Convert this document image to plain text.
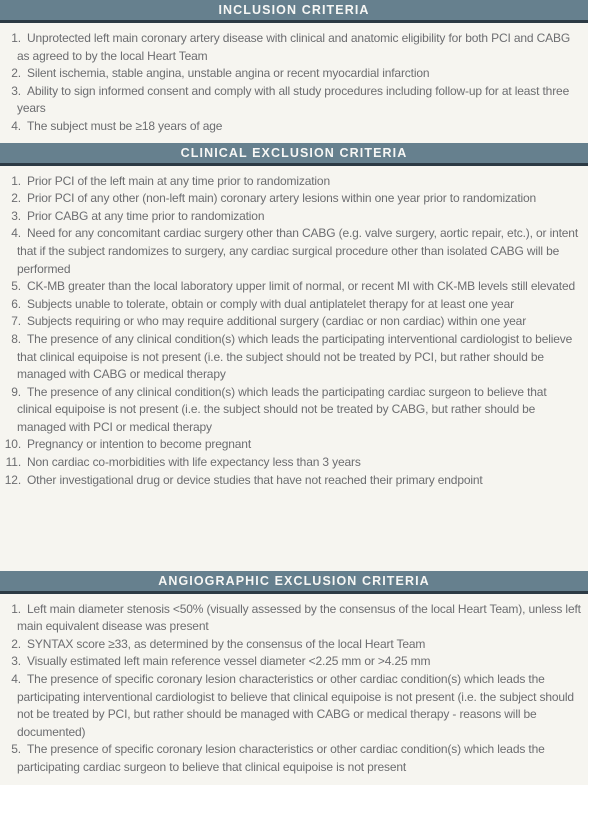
INCLUSION CRITERIA
1. Unprotected left main coronary artery disease with clinical and anatomic eligibility for both PCI and CABG as agreed to by the local Heart Team
2. Silent ischemia, stable angina, unstable angina or recent myocardial infarction
3. Ability to sign informed consent and comply with all study procedures including follow-up for at least three years
4. The subject must be ≥18 years of age
CLINICAL EXCLUSION CRITERIA
1. Prior PCI of the left main at any time prior to randomization
2. Prior PCI of any other (non-left main) coronary artery lesions within one year prior to randomization
3. Prior CABG at any time prior to randomization
4. Need for any concomitant cardiac surgery other than CABG (e.g. valve surgery, aortic repair, etc.), or intent that if the subject randomizes to surgery, any cardiac surgical procedure other than isolated CABG will be performed
5. CK-MB greater than the local laboratory upper limit of normal, or recent MI with CK-MB levels still elevated
6. Subjects unable to tolerate, obtain or comply with dual antiplatelet therapy for at least one year
7. Subjects requiring or who may require additional surgery (cardiac or non cardiac) within one year
8. The presence of any clinical condition(s) which leads the participating interventional cardiologist to believe that clinical equipoise is not present (i.e. the subject should not be treated by PCI, but rather should be managed with CABG or medical therapy
9. The presence of any clinical condition(s) which leads the participating cardiac surgeon to believe that clinical equipoise is not present (i.e. the subject should not be treated by CABG, but rather should be managed with PCI or medical therapy
10. Pregnancy or intention to become pregnant
11. Non cardiac co-morbidities with life expectancy less than 3 years
12. Other investigational drug or device studies that have not reached their primary endpoint
ANGIOGRAPHIC EXCLUSION CRITERIA
1. Left main diameter stenosis <50% (visually assessed by the consensus of the local Heart Team), unless left main equivalent disease was present
2. SYNTAX score ≥33, as determined by the consensus of the local Heart Team
3. Visually estimated left main reference vessel diameter <2.25 mm or >4.25 mm
4. The presence of specific coronary lesion characteristics or other cardiac condition(s) which leads the participating interventional cardiologist to believe that clinical equipoise is not present (i.e. the subject should not be treated by PCI, but rather should be managed with CABG or medical therapy - reasons will be documented)
5. The presence of specific coronary lesion characteristics or other cardiac condition(s) which leads the participating cardiac surgeon to believe that clinical equipoise is not present
